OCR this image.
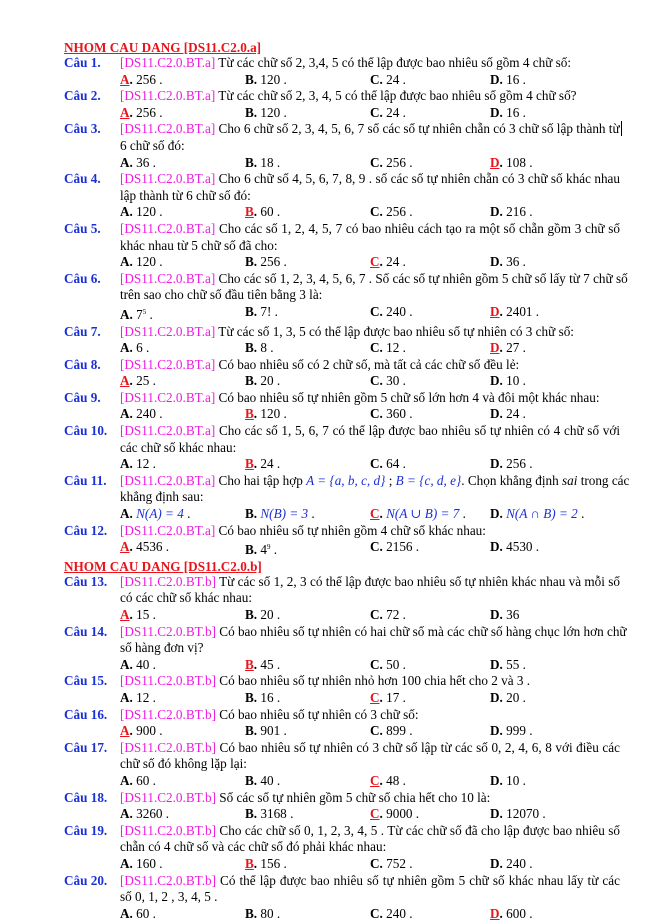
NHOM CAU DANG [DS11.C2.0.a]
Câu 1.	[DS11.C2.0.BT.a] Từ các chữ số 2, 3,4, 5 có thể lập được bao nhiêu số gồm 4 chữ số:
A. 256 .	B. 120 .	C. 24 .	D. 16 .
Câu 2.	[DS11.C2.0.BT.a] Từ các chữ số 2, 3, 4, 5 có thể lập được bao nhiêu số gồm 4 chữ số?
A. 256 .	B. 120 .	C. 24 .	D. 16 .
Câu 3.	[DS11.C2.0.BT.a] Cho 6 chữ số 2, 3, 4, 5, 6, 7 số các số tự nhiên chẵn có 3 chữ số lập thành từ
6 chữ số đó:
A. 36 .	B. 18 .	C. 256 .	D. 108 .
Câu 4.	[DS11.C2.0.BT.a] Cho 6 chữ số 4, 5, 6, 7, 8, 9 . số các số tự nhiên chẵn có 3 chữ số khác nhau
lập thành từ 6 chữ số đó:
A. 120 .	B. 60 .	C. 256 .	D. 216 .
Câu 5.	[DS11.C2.0.BT.a] Cho các số 1, 2, 4, 5, 7 có bao nhiêu cách tạo ra một số chẵn gồm 3 chữ số
khác nhau từ 5 chữ số đã cho:
A. 120 .	B. 256 .	C. 24 .	D. 36 .
Câu 6.	[DS11.C2.0.BT.a] Cho các số 1, 2, 3, 4, 5, 6, 7 . Số các số tự nhiên gồm 5 chữ số lấy từ 7 chữ số
trên sao cho chữ số đầu tiên bằng 3 là:
A. $7^5$ .	B. 7! .	C. 240 .	D. 2401 .
Câu 7.	[DS11.C2.0.BT.a] Từ các số 1, 3, 5 có thể lập được bao nhiêu số tự nhiên có 3 chữ số:
A. 6 .	B. 8 .	C. 12 .	D. 27 .
Câu 8.	[DS11.C2.0.BT.a] Có bao nhiêu số có 2 chữ số, mà tất cả các chữ số đều lẻ:
A. 25 .	B. 20 .	C. 30 .	D. 10 .
Câu 9.	[DS11.C2.0.BT.a] Có bao nhiêu số tự nhiên gồm 5 chữ số lớn hơn 4 và đôi một khác nhau:
A. 240 .	B. 120 .	C. 360 .	D. 24 .
Câu 10. [DS11.C2.0.BT.a] Cho các số 1, 5, 6, 7 có thể lập được bao nhiêu số tự nhiên có 4 chữ số với
các chữ số khác nhau:
A. 12 .	B. 24 .	C. 64 .	D. 256 .
Câu 11.	[DS11.C2.0.BT.a] Cho hai tập hợp A = {a, b, c, d} ; B = {c, d, e}. Chọn khẳng định sai trong các
khẳng định sau:
A. N(A) = 4 .	B. N(B) = 3 .	C. N(A ∪ B) = 7 .	D. N(A ∩ B) = 2 .
Câu 12. [DS11.C2.0.BT.a] Có bao nhiêu số tự nhiên gồm 4 chữ số khác nhau:
A. 4536 .	B. $4^9$ .	C. 2156 .	D. 4530 .
NHOM CAU DANG [DS11.C2.0.b]
Câu 13. [DS11.C2.0.BT.b] Từ các số 1, 2, 3 có thể lập được bao nhiêu số tự nhiên khác nhau và mỗi số
có các chữ số khác nhau:
A. 15 .	B. 20 .	C. 72 .	D. 36
Câu 14. [DS11.C2.0.BT.b] Có bao nhiêu số tự nhiên có hai chữ số mà các chữ số hàng chục lớn hơn chữ
số hàng đơn vị?
A. 40 .	B. 45 .	C. 50 .	D. 55 .
Câu 15. [DS11.C2.0.BT.b] Có bao nhiêu số tự nhiên nhỏ hơn 100 chia hết cho 2 và 3 .
A. 12 .	B. 16 .	C. 17 .	D. 20 .
Câu 16. [DS11.C2.0.BT.b] Có bao nhiêu số tự nhiên có 3 chữ số:
A. 900 .	B. 901 .	C. 899 .	D. 999 .
Câu 17. [DS11.C2.0.BT.b] Có bao nhiêu số tự nhiên có 3 chữ số lập từ các số 0, 2, 4, 6, 8 với điều các
chữ số đó không lặp lại:
A. 60 .	B. 40 .	C. 48 .	D. 10 .
Câu 18. [DS11.C2.0.BT.b] Số các số tự nhiên gồm 5 chữ số chia hết cho 10 là:
A. 3260 .	B. 3168 .	C. 9000 .	D. 12070 .
Câu 19. [DS11.C2.0.BT.b] Cho các chữ số 0, 1, 2, 3, 4, 5 . Từ các chữ số đã cho lập được bao nhiêu số
chẵn có 4 chữ số và các chữ số đó phải khác nhau:
A. 160 .	B. 156 .	C. 752 .	D. 240 .
Câu 20. [DS11.C2.0.BT.b] Có thể lập được bao nhiêu số tự nhiên gồm 5 chữ số khác nhau lấy từ các
số 0, 1, 2 , 3, 4, 5 .
A. 60 .	B. 80 .	C. 240 .	D. 600 .
